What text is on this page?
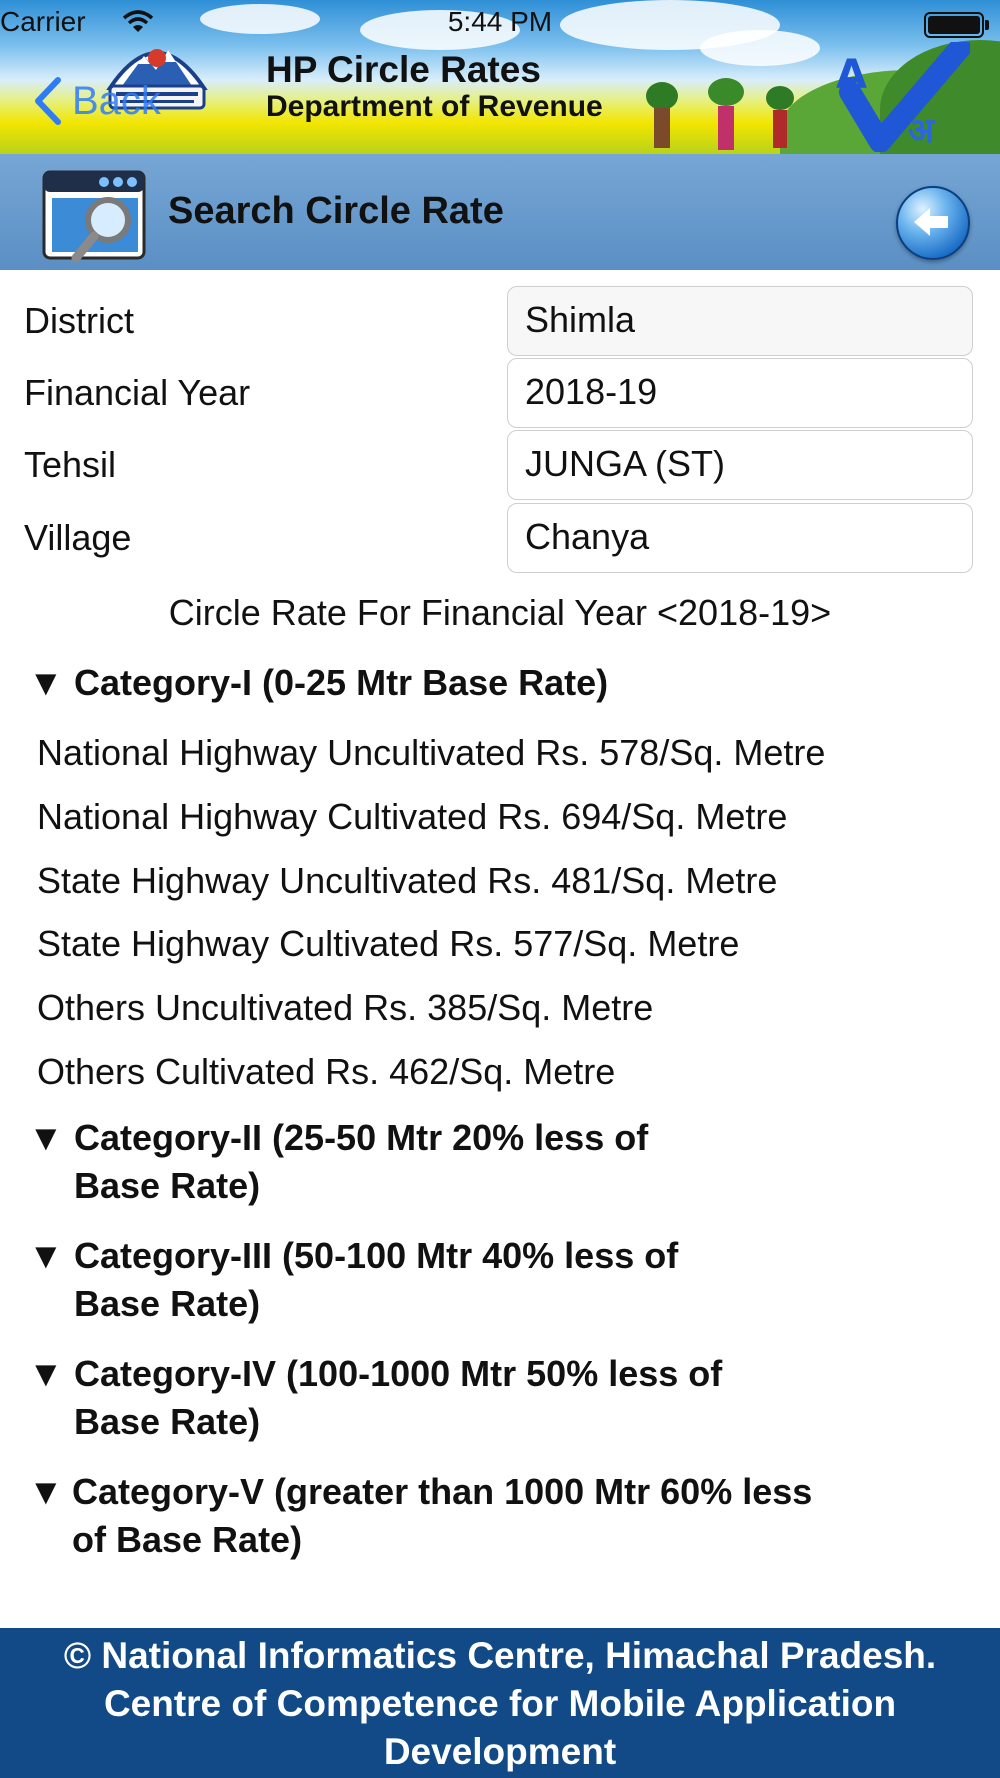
Carrier	5:44 PM
Back
HP Circle Rates
Department of Revenue
A
अ
Search Circle Rate
District	Shimla
Financial Year	2018-19
Tehsil	JUNGA (ST)
Village	Chanya
Circle Rate For Financial Year <2018-19>
▼ Category-I (0-25 Mtr Base Rate)
National Highway Uncultivated Rs. 578/Sq. Metre
National Highway Cultivated Rs. 694/Sq. Metre
State Highway Uncultivated Rs. 481/Sq. Metre
State Highway Cultivated Rs. 577/Sq. Metre
Others Uncultivated Rs. 385/Sq. Metre
Others Cultivated Rs. 462/Sq. Metre
▼ Category-II (25-50 Mtr 20% less of
Base Rate)
▼ Category-III (50-100 Mtr 40% less of
Base Rate)
▼ Category-IV (100-1000 Mtr 50% less of
Base Rate)
▼ Category-V (greater than 1000 Mtr 60% less
of Base Rate)
© National Informatics Centre, Himachal Pradesh.
Centre of Competence for Mobile Application
Development
